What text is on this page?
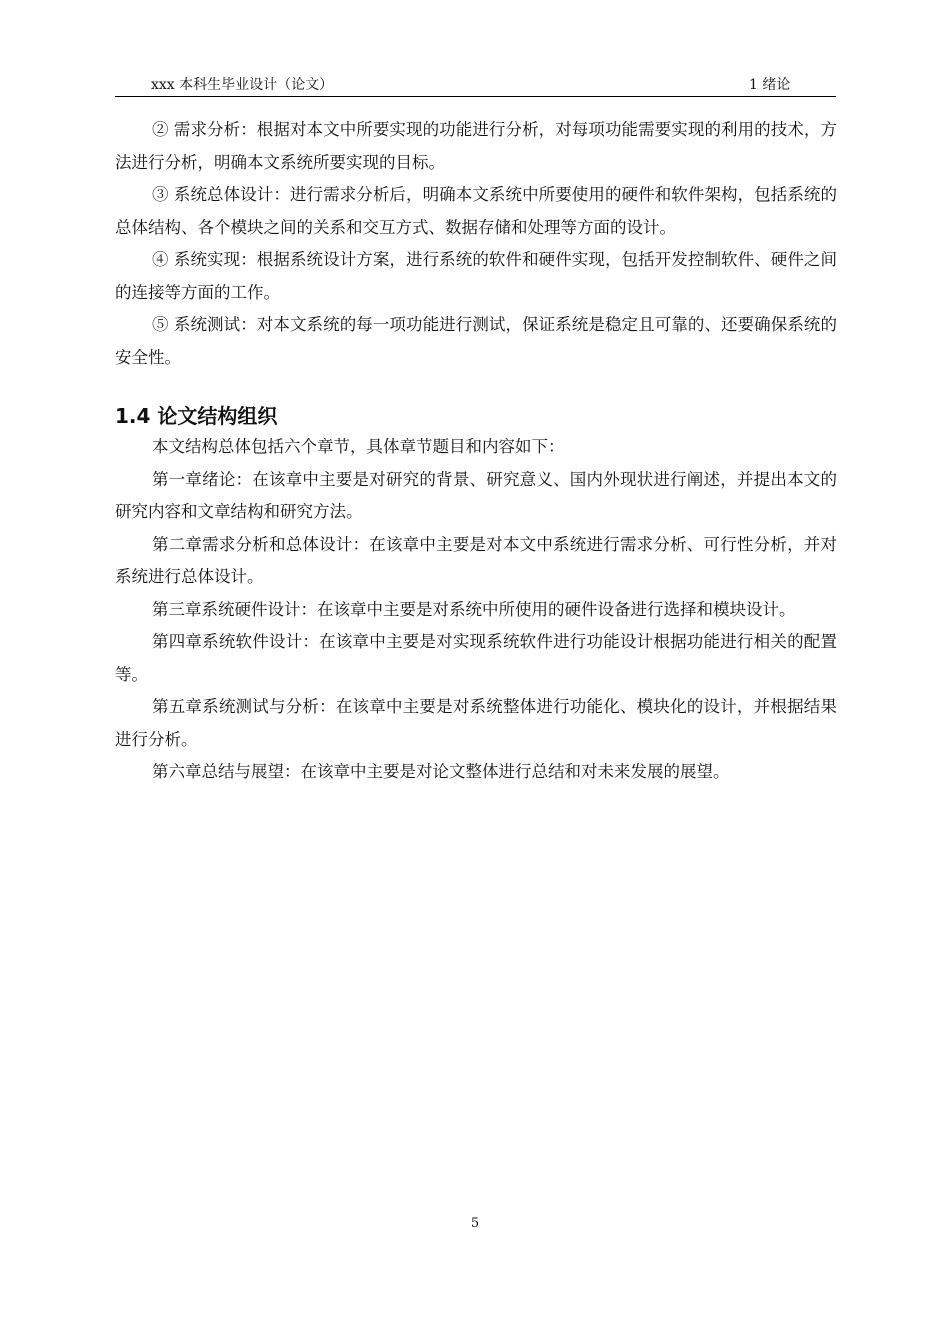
xxx 本科生毕业设计（论文）	1 绪论

② 需求分析：根据对本文中所要实现的功能进行分析，对每项功能需要实现的利用的技术，方法进行分析，明确本文系统所要实现的目标。

③ 系统总体设计：进行需求分析后，明确本文系统中所要使用的硬件和软件架构，包括系统的总体结构、各个模块之间的关系和交互方式、数据存储和处理等方面的设计。

④ 系统实现：根据系统设计方案，进行系统的软件和硬件实现，包括开发控制软件、硬件之间的连接等方面的工作。

⑤ 系统测试：对本文系统的每一项功能进行测试，保证系统是稳定且可靠的、还要确保系统的安全性。

1.4 论文结构组织

本文结构总体包括六个章节，具体章节题目和内容如下：

第一章绪论：在该章中主要是对研究的背景、研究意义、国内外现状进行阐述，并提出本文的研究内容和文章结构和研究方法。

第二章需求分析和总体设计：在该章中主要是对本文中系统进行需求分析、可行性分析，并对系统进行总体设计。

第三章系统硬件设计：在该章中主要是对系统中所使用的硬件设备进行选择和模块设计。

第四章系统软件设计：在该章中主要是对实现系统软件进行功能设计根据功能进行相关的配置等。

第五章系统测试与分析：在该章中主要是对系统整体进行功能化、模块化的设计，并根据结果进行分析。

第六章总结与展望：在该章中主要是对论文整体进行总结和对未来发展的展望。

5
